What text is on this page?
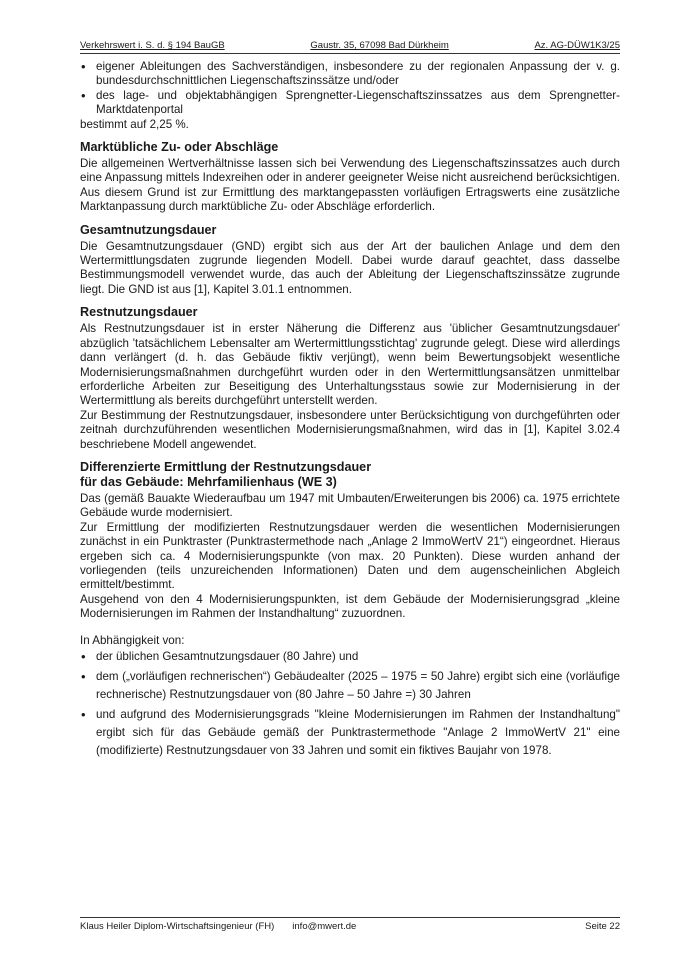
Verkehrswert i. S. d. § 194 BauGB	Gaustr. 35, 67098 Bad Dürkheim	Az. AG-DÜW1K3/25
• eigener Ableitungen des Sachverständigen, insbesondere zu der regionalen Anpassung der v. g. bundesdurchschnittlichen Liegenschaftszinssätze und/oder
• des lage- und objektabhängigen Sprengnetter-Liegenschaftszinssatzes aus dem Sprengnetter-Marktdatenportal

bestimmt auf 2,25 %.

Marktübliche Zu- oder Abschläge

Die allgemeinen Wertverhältnisse lassen sich bei Verwendung des Liegenschaftszinssatzes auch durch eine Anpassung mittels Indexreihen oder in anderer geeigneter Weise nicht ausreichend berücksichtigen. Aus diesem Grund ist zur Ermittlung des marktangepassten vorläufigen Ertragswerts eine zusätzliche Marktanpassung durch marktübliche Zu- oder Abschläge erforderlich.

Gesamtnutzungsdauer

Die Gesamtnutzungsdauer (GND) ergibt sich aus der Art der baulichen Anlage und dem den Wertermittlungsdaten zugrunde liegenden Modell. Dabei wurde darauf geachtet, dass dasselbe Bestimmungsmodell verwendet wurde, das auch der Ableitung der Liegenschaftszinssätze zugrunde liegt. Die GND ist aus [1], Kapitel 3.01.1 entnommen.

Restnutzungsdauer

Als Restnutzungsdauer ist in erster Näherung die Differenz aus 'üblicher Gesamtnutzungsdauer' abzüglich 'tatsächlichem Lebensalter am Wertermittlungsstichtag' zugrunde gelegt. Diese wird allerdings dann verlängert (d. h. das Gebäude fiktiv verjüngt), wenn beim Bewertungsobjekt wesentliche Modernisierungsmaßnahmen durchgeführt wurden oder in den Wertermittlungsansätzen unmittelbar erforderliche Arbeiten zur Beseitigung des Unterhaltungsstaus sowie zur Modernisierung in der Wertermittlung als bereits durchgeführt unterstellt werden.

Zur Bestimmung der Restnutzungsdauer, insbesondere unter Berücksichtigung von durchgeführten oder zeitnah durchzuführenden wesentlichen Modernisierungsmaßnahmen, wird das in [1], Kapitel 3.02.4 beschriebene Modell angewendet.

Differenzierte Ermittlung der Restnutzungsdauer
für das Gebäude: Mehrfamilienhaus (WE 3)

Das (gemäß Bauakte Wiederaufbau um 1947 mit Umbauten/Erweiterungen bis 2006) ca. 1975 errichtete Gebäude wurde modernisiert.

Zur Ermittlung der modifizierten Restnutzungsdauer werden die wesentlichen Modernisierungen zunächst in ein Punktraster (Punktrastermethode nach „Anlage 2 ImmoWertV 21“) eingeordnet. Hieraus ergeben sich ca. 4 Modernisierungspunkte (von max. 20 Punkten). Diese wurden anhand der vorliegenden (teils unzureichenden Informationen) Daten und dem augenscheinlichen Abgleich ermittelt/bestimmt.

Ausgehend von den 4 Modernisierungspunkten, ist dem Gebäude der Modernisierungsgrad „kleine Modernisierungen im Rahmen der Instandhaltung“ zuzuordnen.

In Abhängigkeit von:

• der üblichen Gesamtnutzungsdauer (80 Jahre) und
• dem („vorläufigen rechnerischen“) Gebäudealter (2025 – 1975 = 50 Jahre) ergibt sich eine (vorläufige rechnerische) Restnutzungsdauer von (80 Jahre – 50 Jahre =) 30 Jahren
• und aufgrund des Modernisierungsgrads "kleine Modernisierungen im Rahmen der Instandhaltung" ergibt sich für das Gebäude gemäß der Punktrastermethode "Anlage 2 ImmoWertV 21" eine (modifizierte) Restnutzungsdauer von 33 Jahren und somit ein fiktives Baujahr von 1978.
Klaus Heiler Diplom-Wirtschaftsingenieur (FH) info@mwert.de	Seite 22
